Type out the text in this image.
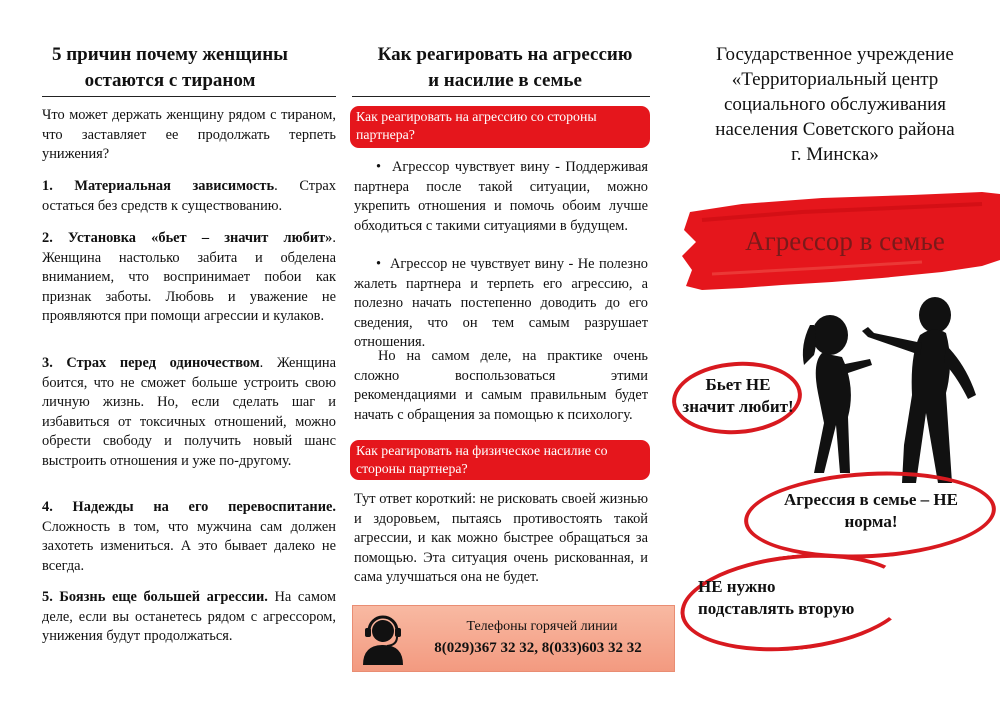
5 причин почему женщины
остаются с тираном
Что может держать женщину рядом с тираном, что заставляет ее продолжать терпеть унижения?
1. Материальная зависимость. Страх остаться без средств к существованию.
2. Установка «бьет – значит любит». Женщина настолько забита и обделена вниманием, что воспринимает побои как признак заботы. Любовь и уважение не проявляются при помощи агрессии и кулаков.
3. Страх перед одиночеством. Женщина боится, что не сможет больше устроить свою личную жизнь. Но, если сделать шаг и избавиться от токсичных отношений, можно обрести свободу и получить новый шанс выстроить отношения и уже по-другому.
4. Надежды на его перевоспитание. Сложность в том, что мужчина сам должен захотеть измениться. А это бывает далеко не всегда.
5. Боязнь еще большей агрессии. На самом деле, если вы останетесь рядом с агрессором, унижения будут продолжаться.
Как реагировать на агрессию
и насилие в семье
Как реагировать на агрессию со стороны партнера?
•  Агрессор чувствует вину - Поддерживая партнера после такой ситуации, можно укрепить отношения и помочь обоим лучше обходиться с такими ситуациями в будущем.
•  Агрессор не чувствует вину - Не полезно жалеть партнера и терпеть его агрессию, а полезно начать постепенно доводить до его сведения, что он тем самым разрушает отношения.
Но на самом деле, на практике очень сложно воспользоваться этими рекомендациями и самым правильным будет начать с обращения за помощью к психологу.
Как реагировать на физическое насилие со стороны партнера?
Тут ответ короткий: не рисковать своей жизнью и здоровьем, пытаясь противостоять такой агрессии, и как можно быстрее обращаться за помощью. Эта ситуация очень рискованная, и сама улучшаться она не будет.
Телефоны горячей линии
8(029)367 32 32, 8(033)603 32 32
Государственное учреждение
«Территориальный центр
социального обслуживания
населения Советского района
г. Минска»
Агрессор в семье
Бьет НЕ
значит любит!
Агрессия в семье – НЕ
норма!
НЕ нужно
подставлять вторую
